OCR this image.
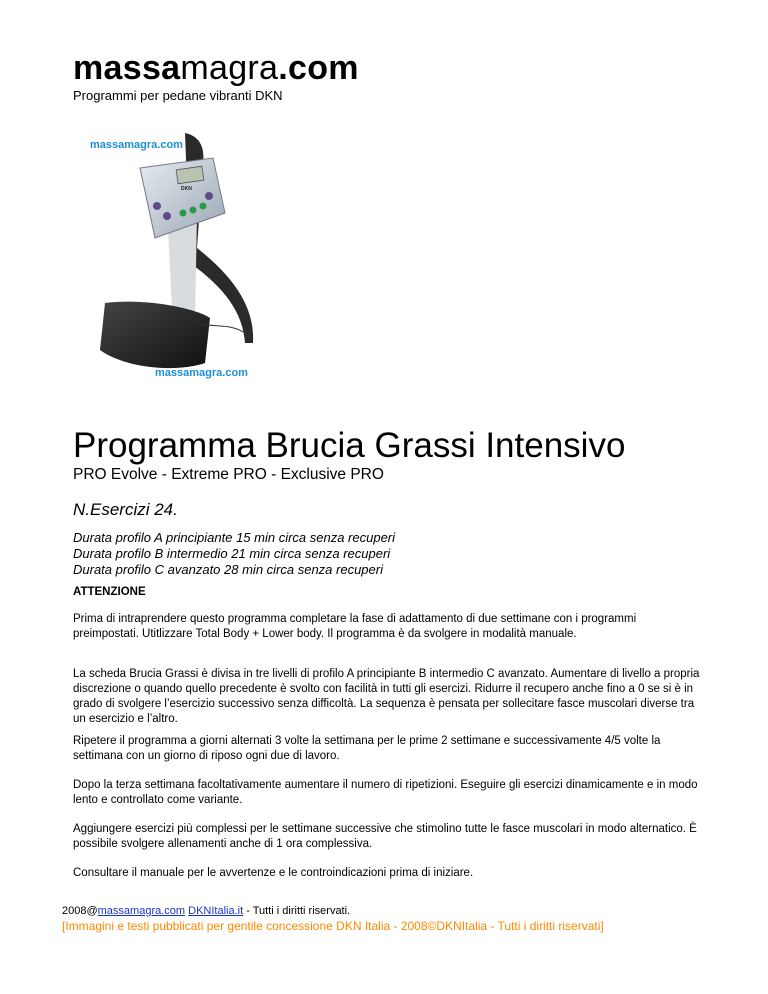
massamagra.com
Programmi per pedane vibranti DKN
massamagra.com
DKN
massamagra.com
Programma Brucia Grassi Intensivo
PRO Evolve - Extreme PRO - Exclusive PRO
N.Esercizi 24.
Durata profilo A principiante 15 min circa senza recuperi
Durata profilo B intermedio 21 min circa senza recuperi
Durata profilo C avanzato 28 min circa senza recuperi
ATTENZIONE
Prima di intraprendere questo programma completare la fase di adattamento di due settimane con i programmi preimpostati. Utitlizzare Total Body + Lower body. Il programma è da svolgere in modalità manuale.
La scheda Brucia Grassi è divisa in tre livelli di profilo A principiante B intermedio C avanzato. Aumentare di livello a propria discrezione o quando quello precedente è svolto con facilità in tutti gli esercizi. Ridurre il recupero anche fino a 0 se si è in grado di svolgere l’esercizio successivo senza difficoltà. La sequenza è pensata per sollecitare fasce muscolari diverse tra un esercizio e l’altro.
Ripetere il programma a giorni alternati 3 volte la settimana per le prime 2 settimane e successivamente 4/5 volte la settimana con un giorno di riposo ogni due di lavoro.
Dopo la terza settimana facoltativamente aumentare il numero di ripetizioni. Eseguire gli esercizi dinamicamente e in modo lento e controllato come variante.
Aggiungere esercizi più complessi per le settimane successive che stimolino tutte le fasce muscolari in modo alternatico. È possibile svolgere allenamenti anche di 1 ora complessiva.
Consultare il manuale per le avvertenze e le controindicazioni prima di iniziare.
2008@massamagra.com DKNItalia.it - Tutti i diritti riservati.
[Immagini e testi pubblicati per gentile concessione DKN Italia - 2008©DKNItalia - Tutti i diritti riservati]
